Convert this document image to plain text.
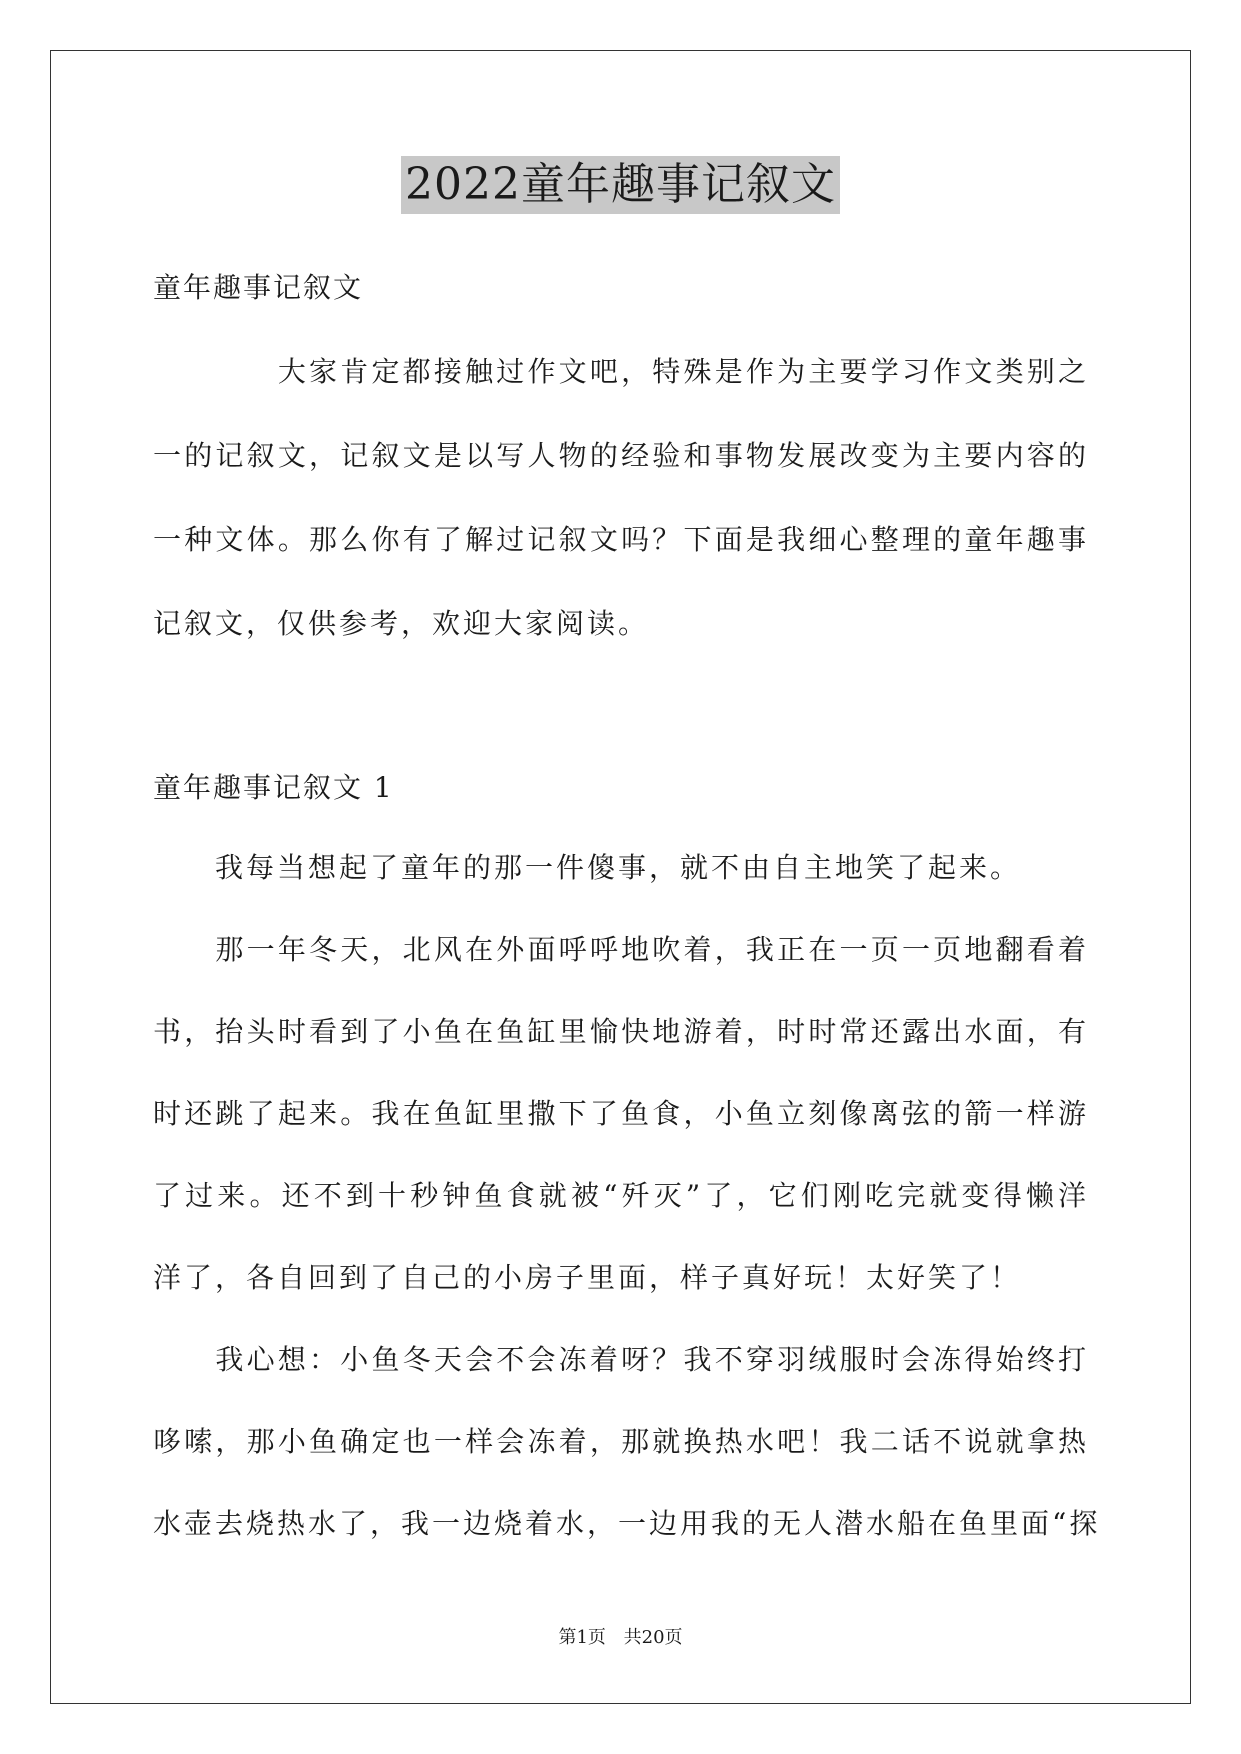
2022童年趣事记叙文
童年趣事记叙文
　　　　大家肯定都接触过作文吧，特殊是作为主要学习作文类别之
一的记叙文，记叙文是以写人物的经验和事物发展改变为主要内容的
一种文体。那么你有了解过记叙文吗？下面是我细心整理的童年趣事
记叙文，仅供参考，欢迎大家阅读。
童年趣事记叙文 1
　　我每当想起了童年的那一件傻事，就不由自主地笑了起来。
　　那一年冬天，北风在外面呼呼地吹着，我正在一页一页地翻看着
书，抬头时看到了小鱼在鱼缸里愉快地游着，时时常还露出水面，有
时还跳了起来。我在鱼缸里撒下了鱼食，小鱼立刻像离弦的箭一样游
了过来。还不到十秒钟鱼食就被“歼灭”了，它们刚吃完就变得懒洋
洋了，各自回到了自己的小房子里面，样子真好玩！太好笑了！
　　我心想：小鱼冬天会不会冻着呀？我不穿羽绒服时会冻得始终打
哆嗦，那小鱼确定也一样会冻着，那就换热水吧！我二话不说就拿热
水壶去烧热水了，我一边烧着水，一边用我的无人潜水船在鱼里面“探
第1页 共20页
